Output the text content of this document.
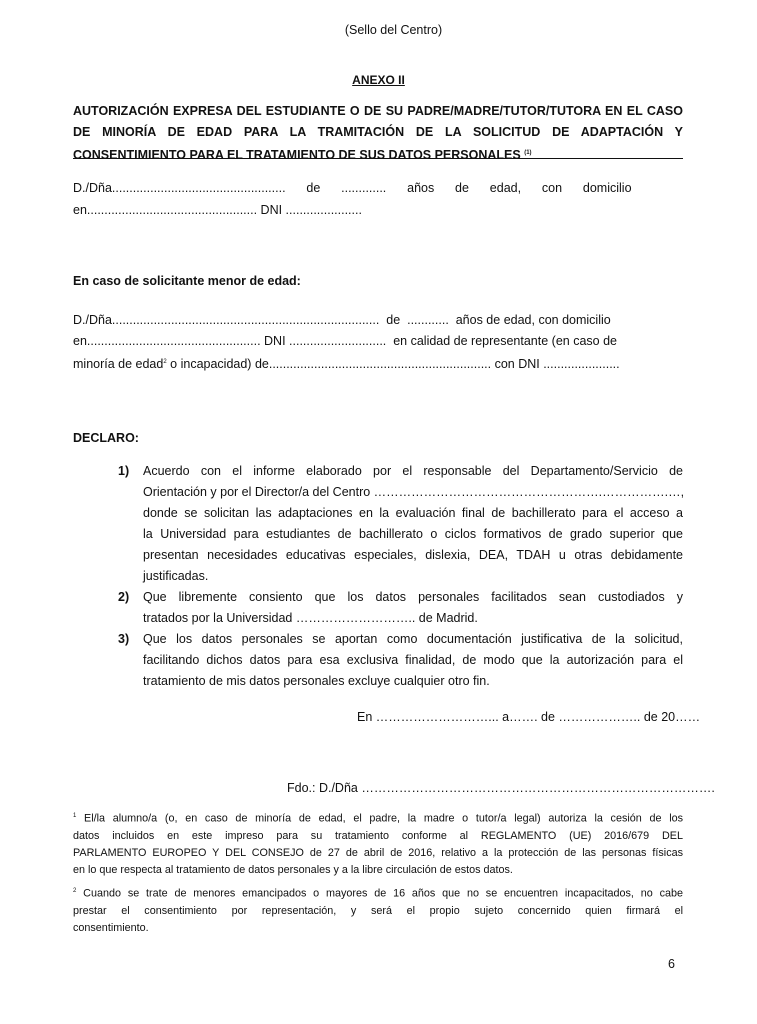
(Sello del Centro)
ANEXO II
AUTORIZACIÓN EXPRESA DEL ESTUDIANTE O DE SU PADRE/MADRE/TUTOR/TUTORA EN EL CASO
DE MINORÍA DE EDAD PARA LA TRAMITACIÓN DE LA SOLICITUD DE ADAPTACIÓN Y
CONSENTIMIENTO PARA EL TRATAMIENTO DE SUS DATOS PERSONALES $^{(1)}$
D./Dña..................................................      de      .............      años      de      edad,      con      domicilio
en................................................. DNI ......................
En caso de solicitante menor de edad:
D./Dña.............................................................................  de  ............  años de edad, con domicilio
en.................................................. DNI ............................  en calidad de representante (en caso de
minoría de edad$^2$ o incapacidad) de................................................................ con DNI ......................
DECLARO:
1) Acuerdo con el informe elaborado por el responsable del Departamento/Servicio de
Orientación y por el Director/a del Centro ……………………………………………….…………….…,
donde se solicitan las adaptaciones en la evaluación final de bachillerato para el acceso a
la Universidad para estudiantes de bachillerato o ciclos formativos de grado superior que
presentan necesidades educativas especiales, dislexia, DEA, TDAH u otras debidamente
justificadas.
2) Que libremente consiento que los datos personales facilitados sean custodiados y
tratados por la Universidad ……………………….. de Madrid.
3) Que los datos personales se aportan como documentación justificativa de la solicitud,
facilitando dichos datos para esa exclusiva finalidad, de modo que la autorización para el
tratamiento de mis datos personales excluye cualquier otro fin.
En ………………………... a……. de ……………….. de 20……
Fdo.: D./Dña ………………………………………………………………………….
$^1$ El/la alumno/a (o, en caso de minoría de edad, el padre, la madre o tutor/a legal) autoriza la cesión de los
datos incluidos en este impreso para su tratamiento conforme al REGLAMENTO (UE) 2016/679 DEL
PARLAMENTO EUROPEO Y DEL CONSEJO de 27 de abril de 2016, relativo a la protección de las personas físicas
en lo que respecta al tratamiento de datos personales y a la libre circulación de estos datos.
$^2$ Cuando se trate de menores emancipados o mayores de 16 años que no se encuentren incapacitados, no cabe
prestar el consentimiento por representación, y será el propio sujeto concernido quien firmará el
consentimiento.
6
